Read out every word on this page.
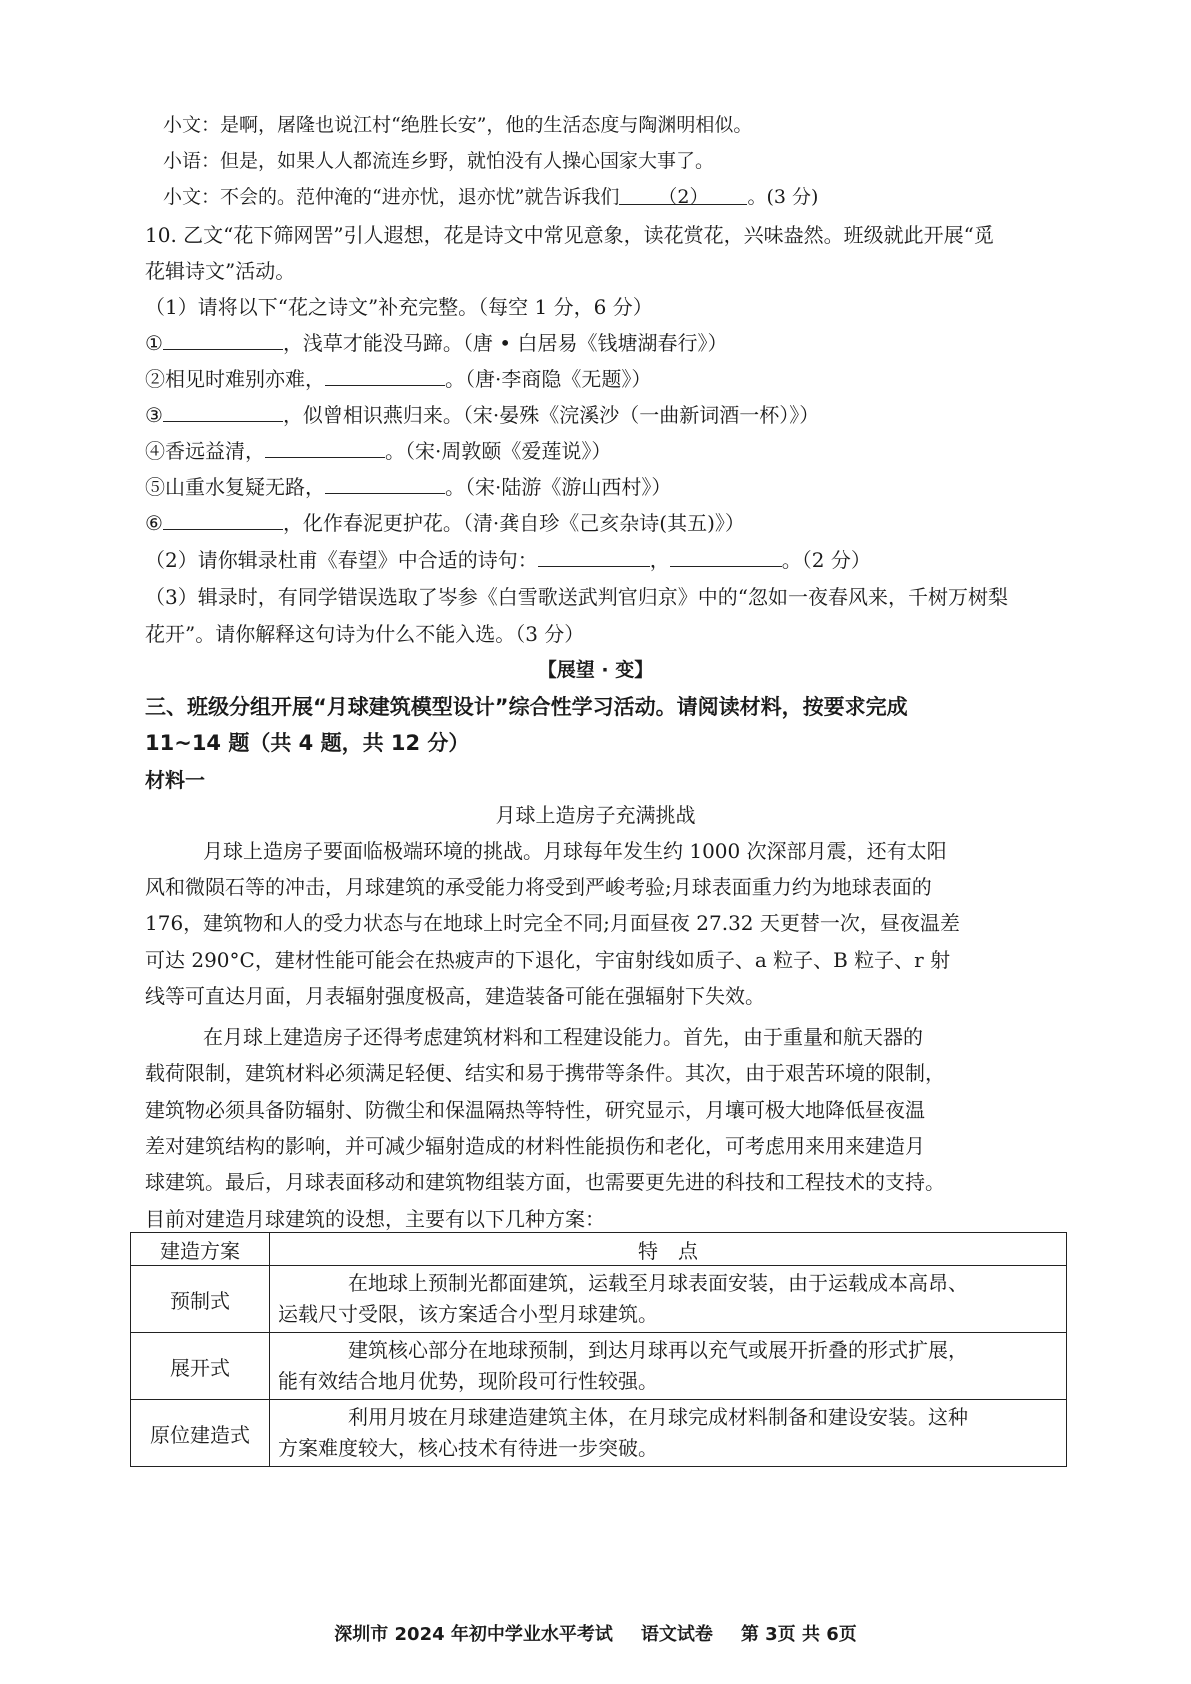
小文：是啊，屠隆也说江村“绝胜长安”，他的生活态度与陶渊明相似。
小语：但是，如果人人都流连乡野，就怕没有人操心国家大事了。
小文：不会的。范仲淹的“进亦忧，退亦忧”就告诉我们 （2） 。(3 分)
10. 乙文“花下筛网罟”引人遐想，花是诗文中常见意象，读花赏花，兴味盎然。班级就此开展“觅
花辑诗文”活动。
（1）请将以下“花之诗文”补充完整。（每空 1 分，6 分）
①	，浅草才能没马蹄。（唐 • 白居易《钱塘湖春行》）
②相见时难别亦难，	。（唐·李商隐《无题》）
③	，似曾相识燕归来。（宋·晏殊《浣溪沙（一曲新词酒一杯）》）
④香远益清，	。（宋·周敦颐《爱莲说》）
⑤山重水复疑无路，	。（宋·陆游《游山西村》）
⑥	，化作春泥更护花。（清·龚自珍《己亥杂诗(其五)》）
（2）请你辑录杜甫《春望》中合适的诗句：	，	。（2 分）
（3）辑录时，有同学错误选取了岑参《白雪歌送武判官归京》中的“忽如一夜春风来，千树万树梨
花开”。请你解释这句诗为什么不能入选。（3 分）
【展望 · 变】
三、班级分组开展“月球建筑模型设计”综合性学习活动。请阅读材料，按要求完成
11~14 题（共 4 题，共 12 分）
材料一
月球上造房子充满挑战
月球上造房子要面临极端环境的挑战。月球每年发生约 1000 次深部月震，还有太阳
风和微陨石等的冲击，月球建筑的承受能力将受到严峻考验;月球表面重力约为地球表面的
176，建筑物和人的受力状态与在地球上时完全不同;月面昼夜 27.32 天更替一次，昼夜温差
可达 290°C，建材性能可能会在热疲声的下退化，宇宙射线如质子、a 粒子、B 粒子、r 射
线等可直达月面，月表辐射强度极高，建造装备可能在强辐射下失效。
在月球上建造房子还得考虑建筑材料和工程建设能力。首先，由于重量和航天器的
载荷限制，建筑材料必须满足轻便、结实和易于携带等条件。其次，由于艰苦环境的限制，
建筑物必须具备防辐射、防微尘和保温隔热等特性，研究显示，月壤可极大地降低昼夜温
差对建筑结构的影响，并可减少辐射造成的材料性能损伤和老化，可考虑用来用来建造月
球建筑。最后，月球表面移动和建筑物组装方面，也需要更先进的科技和工程技术的支持。
目前对建造月球建筑的设想，主要有以下几种方案：
建造方案	特　点
预制式	在地球上预制光都面建筑，运载至月球表面安装，由于运载成本高昂、
运载尺寸受限，该方案适合小型月球建筑。
展开式	建筑核心部分在地球预制，到达月球再以充气或展开折叠的形式扩展，
能有效结合地月优势，现阶段可行性较强。
原位建造式	利用月坡在月球建造建筑主体，在月球完成材料制备和建设安装。这种
方案难度较大，核心技术有待进一步突破。
深圳市 2024 年初中学业水平考试 语文试卷 第 3页 共 6页
